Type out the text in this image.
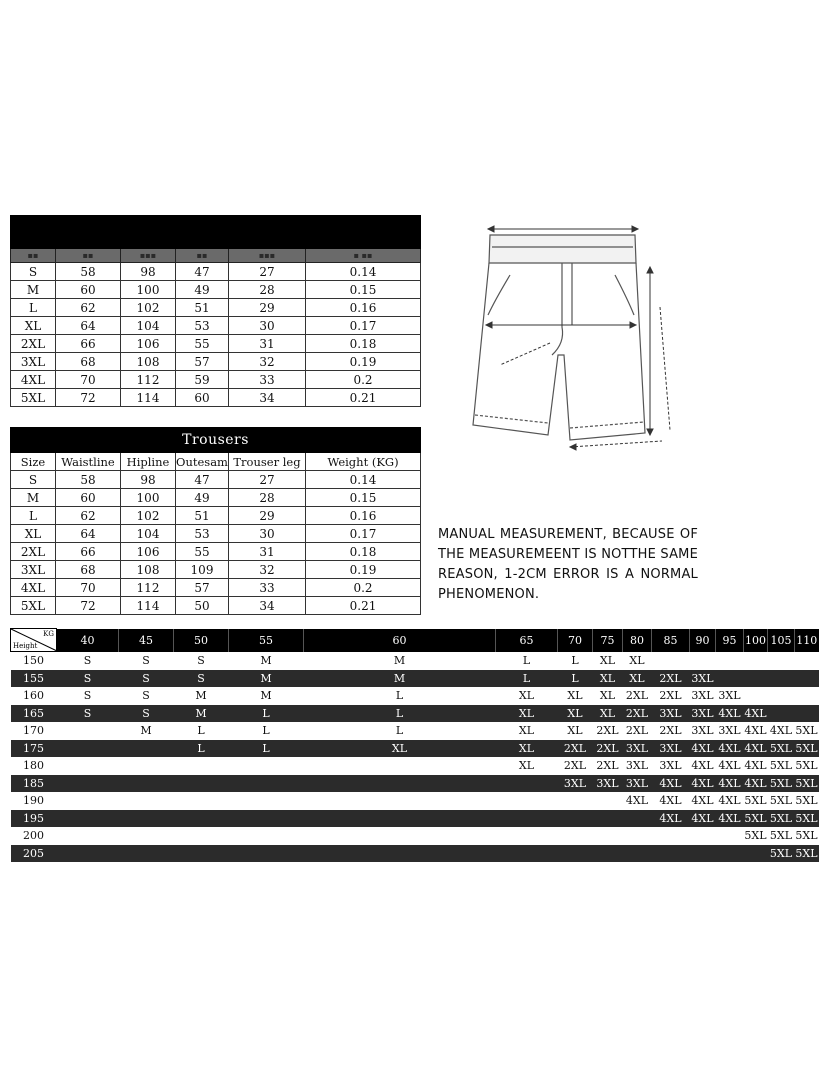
▪▪	▪▪	▪▪▪	▪▪	▪▪▪	▪ ▪▪
S	58	98	47	27	0.14
M	60	100	49	28	0.15
L	62	102	51	29	0.16
XL	64	104	53	30	0.17
2XL	66	106	55	31	0.18
3XL	68	108	57	32	0.19
4XL	70	112	59	33	0.2
5XL	72	114	60	34	0.21
Trousers					
Size	Waistline	Hipline	Outesam	Trouser leg	Weight (KG)
S	58	98	47	27	0.14
M	60	100	49	28	0.15
L	62	102	51	29	0.16
XL	64	104	53	30	0.17
2XL	66	106	55	31	0.18
3XL	68	108	109	32	0.19
4XL	70	112	57	33	0.2
5XL	72	114	50	34	0.21
MANUAL MEASUREMENT, BECAUSE OF THE MEASUREMEENT IS NOTTHE SAME REASON, 1-2CM ERROR IS A NORMAL PHENOMENON.
KG
Height	40	45	50	55	60	65	70	75	80	85	90	95	100	105	110
150	S	S	S	M	M	L	L	XL	XL						
155	S	S	S	M	M	L	L	XL	XL	2XL	3XL				
160	S	S	M	M	L	XL	XL	XL	2XL	2XL	3XL	3XL			
165	S	S	M	L	L	XL	XL	XL	2XL	3XL	3XL	4XL	4XL		
170		M	L	L	L	XL	XL	2XL	2XL	2XL	3XL	3XL	4XL	4XL	5XL
175			L	L	XL	XL	2XL	2XL	3XL	3XL	4XL	4XL	4XL	5XL	5XL
180						XL	2XL	2XL	3XL	3XL	4XL	4XL	4XL	5XL	5XL
185							3XL	3XL	3XL	4XL	4XL	4XL	4XL	5XL	5XL
190									4XL	4XL	4XL	4XL	5XL	5XL	5XL
195										4XL	4XL	4XL	5XL	5XL	5XL
200													5XL	5XL	5XL
205														5XL	5XL
